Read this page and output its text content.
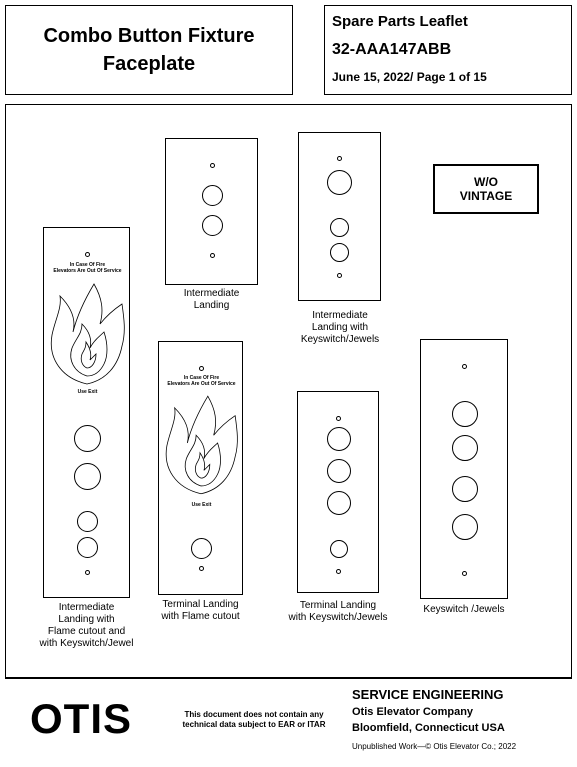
Combo Button Fixture
Faceplate
Spare Parts Leaflet
32-AAA147ABB
June 15, 2022/ Page 1 of 15
W/O
VINTAGE
Intermediate
Landing
Intermediate
Landing with
Keyswitch/Jewels
In Case Of Fire
Elevators Are Out Of Service
Use Exit
Intermediate
Landing with
Flame cutout and
with Keyswitch/Jewel
In Case Of Fire
Elevators Are Out Of Service
Use Exit
Terminal Landing
with Flame cutout
Terminal Landing
with Keyswitch/Jewels
Keyswitch /Jewels
OTIS	This document does not contain any
technical data subject to EAR or ITAR
SERVICE ENGINEERING
Otis Elevator Company
Bloomfield, Connecticut USA
Unpublished Work—© Otis Elevator Co.; 2022
